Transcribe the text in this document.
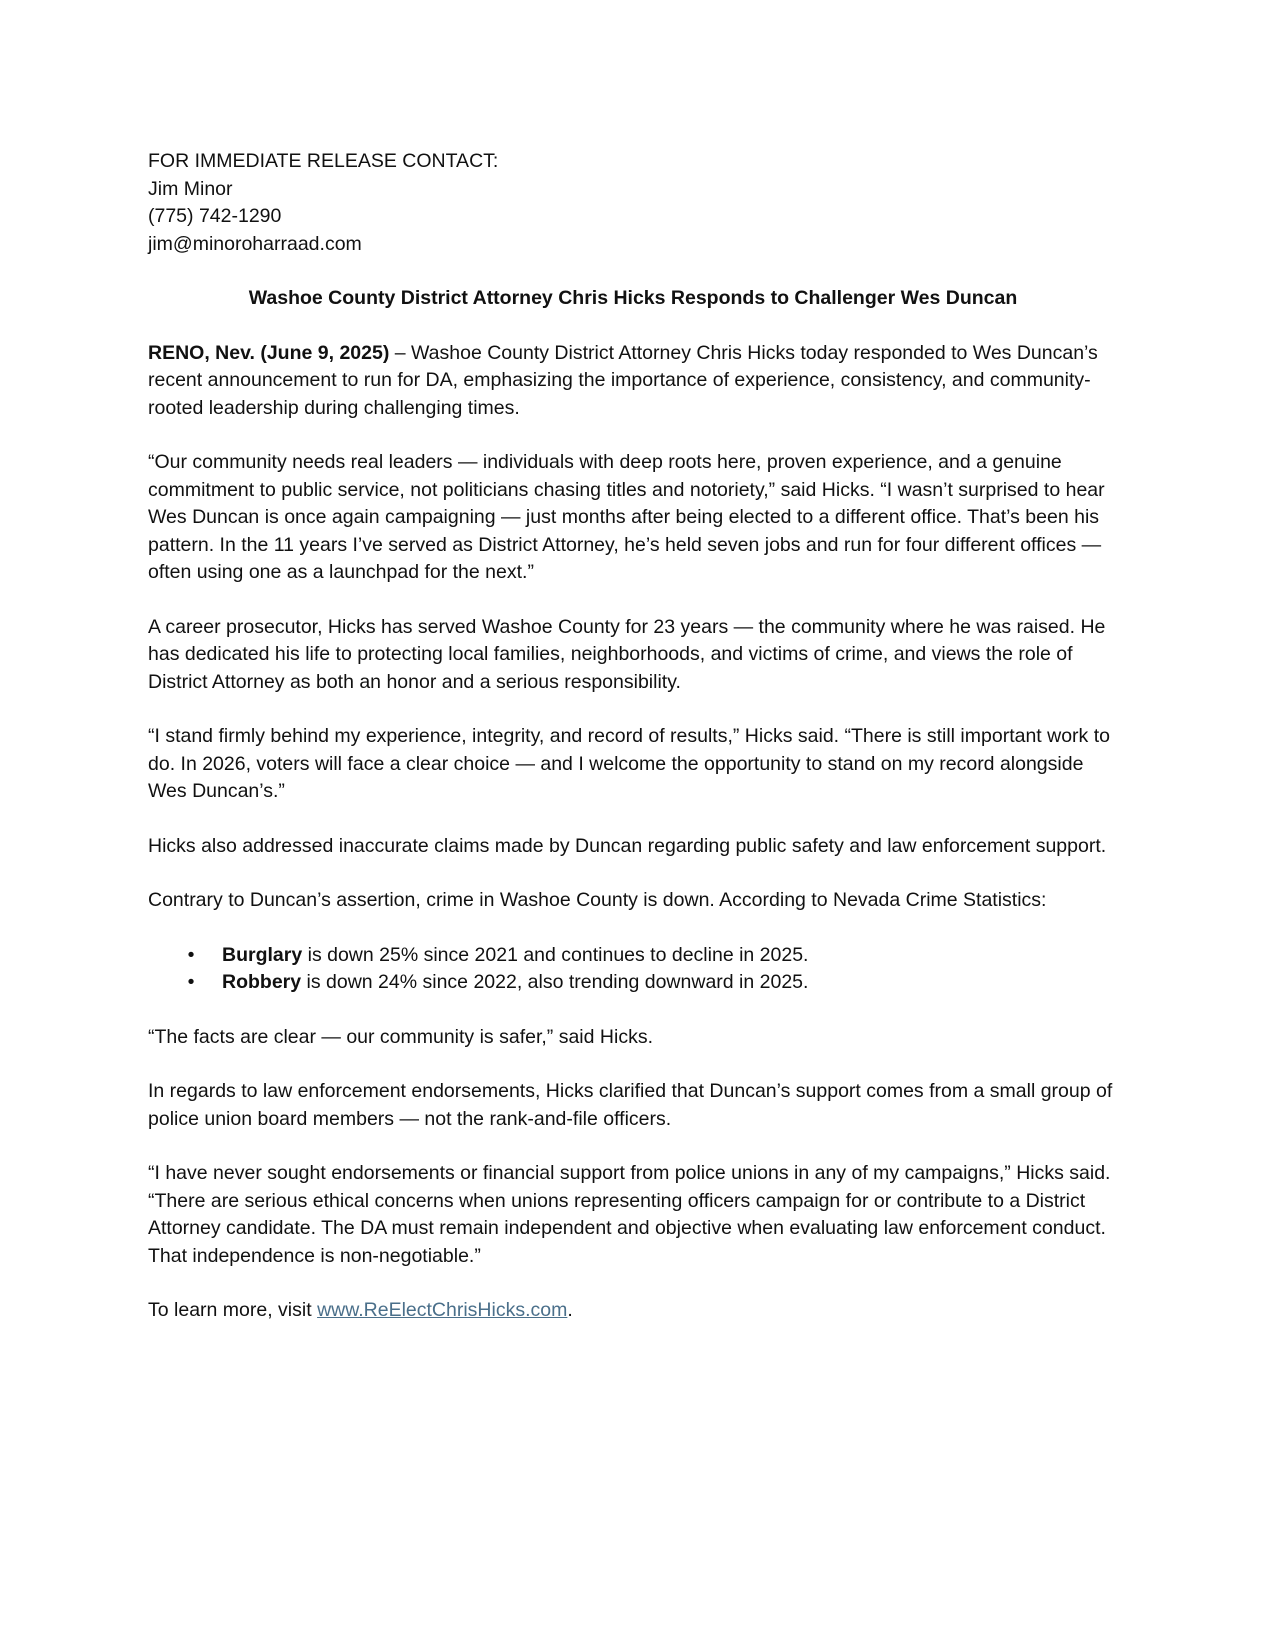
FOR IMMEDIATE RELEASE CONTACT:

Jim Minor

(775) 742-1290

jim@minoroharraad.com

Washoe County District Attorney Chris Hicks Responds to Challenger Wes Duncan

RENO, Nev. (June 9, 2025) – Washoe County District Attorney Chris Hicks today responded to Wes Duncan’s recent announcement to run for DA, emphasizing the importance of experience, consistency, and community-rooted leadership during challenging times.

“Our community needs real leaders — individuals with deep roots here, proven experience, and a genuine commitment to public service, not politicians chasing titles and notoriety,” said Hicks. “I wasn’t surprised to hear Wes Duncan is once again campaigning — just months after being elected to a different office. That’s been his pattern. In the 11 years I’ve served as District Attorney, he’s held seven jobs and run for four different offices — often using one as a launchpad for the next.”

A career prosecutor, Hicks has served Washoe County for 23 years — the community where he was raised. He has dedicated his life to protecting local families, neighborhoods, and victims of crime, and views the role of District Attorney as both an honor and a serious responsibility.

“I stand firmly behind my experience, integrity, and record of results,” Hicks said. “There is still important work to do. In 2026, voters will face a clear choice — and I welcome the opportunity to stand on my record alongside Wes Duncan’s.”

Hicks also addressed inaccurate claims made by Duncan regarding public safety and law enforcement support.

Contrary to Duncan’s assertion, crime in Washoe County is down. According to Nevada Crime Statistics:

• Burglary is down 25% since 2021 and continues to decline in 2025.
• Robbery is down 24% since 2022, also trending downward in 2025.

“The facts are clear — our community is safer,” said Hicks.

In regards to law enforcement endorsements, Hicks clarified that Duncan’s support comes from a small group of police union board members — not the rank-and-file officers.

“I have never sought endorsements or financial support from police unions in any of my campaigns,” Hicks said. “There are serious ethical concerns when unions representing officers campaign for or contribute to a District Attorney candidate. The DA must remain independent and objective when evaluating law enforcement conduct. That independence is non-negotiable.”

To learn more, visit www.ReElectChrisHicks.com.
